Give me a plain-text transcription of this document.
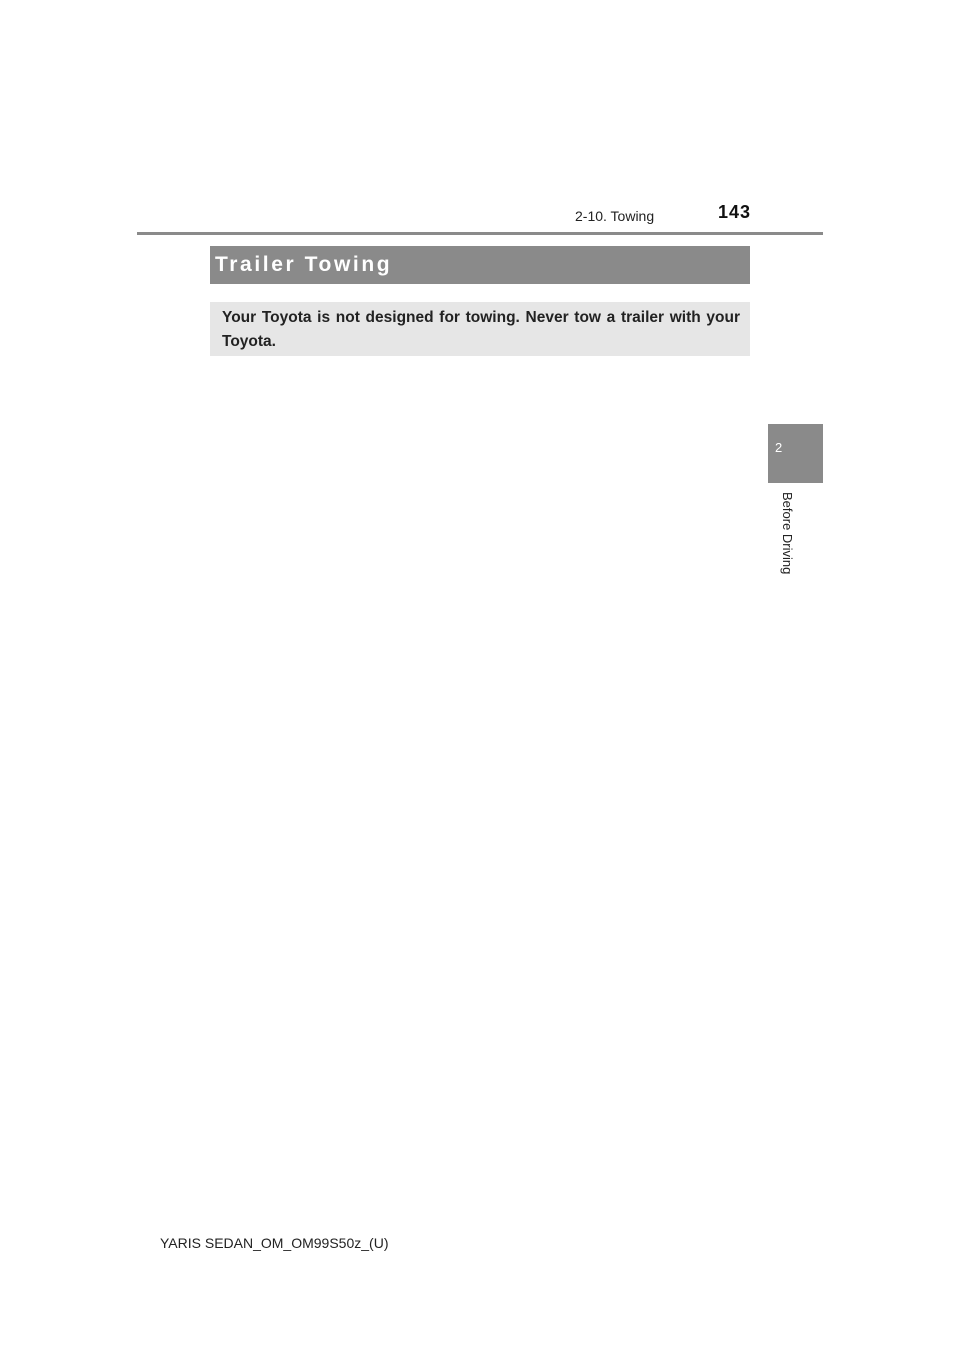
2-10. Towing	143
2
Before Driving
Trailer Towing
Your Toyota is not designed for towing. Never tow a trailer with your Toyota.
YARIS SEDAN_OM_OM99S50z_(U)
